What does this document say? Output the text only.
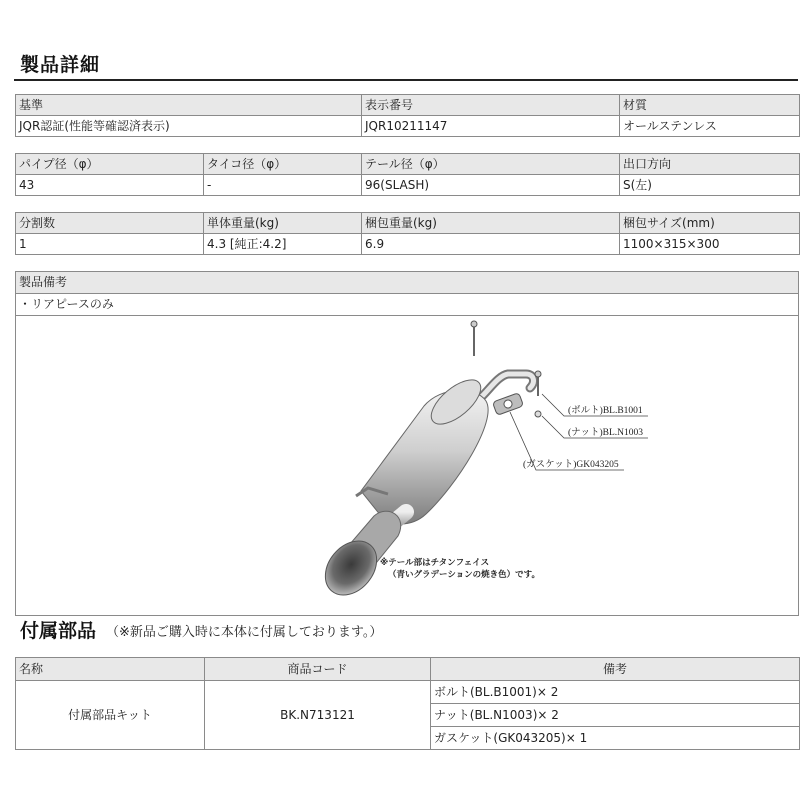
製品詳細
基準	表示番号	材質
JQR認証(性能等確認済表示)	JQR10211147	オールステンレス
パイプ径（φ）	タイコ径（φ）	テール径（φ）	出口方向
43	-	96(SLASH)	S(左)
分割数	単体重量(kg)	梱包重量(kg)	梱包サイズ(mm)
1	4.3 [純正:4.2]	6.9	1100×315×300
製品備考
・リアピースのみ
(ボルト)BL.B1001
(ナット)BL.N1003
(ガスケット)GK043205
※テール部はチタンフェイス
（青いグラデーションの焼き色）です。
付属部品 （※新品ご購入時に本体に付属しております。）
名称	商品コード	備考
付属部品キット	BK.N713121	ボルト(BL.B1001)× 2
		ナット(BL.N1003)× 2
		ガスケット(GK043205)× 1
